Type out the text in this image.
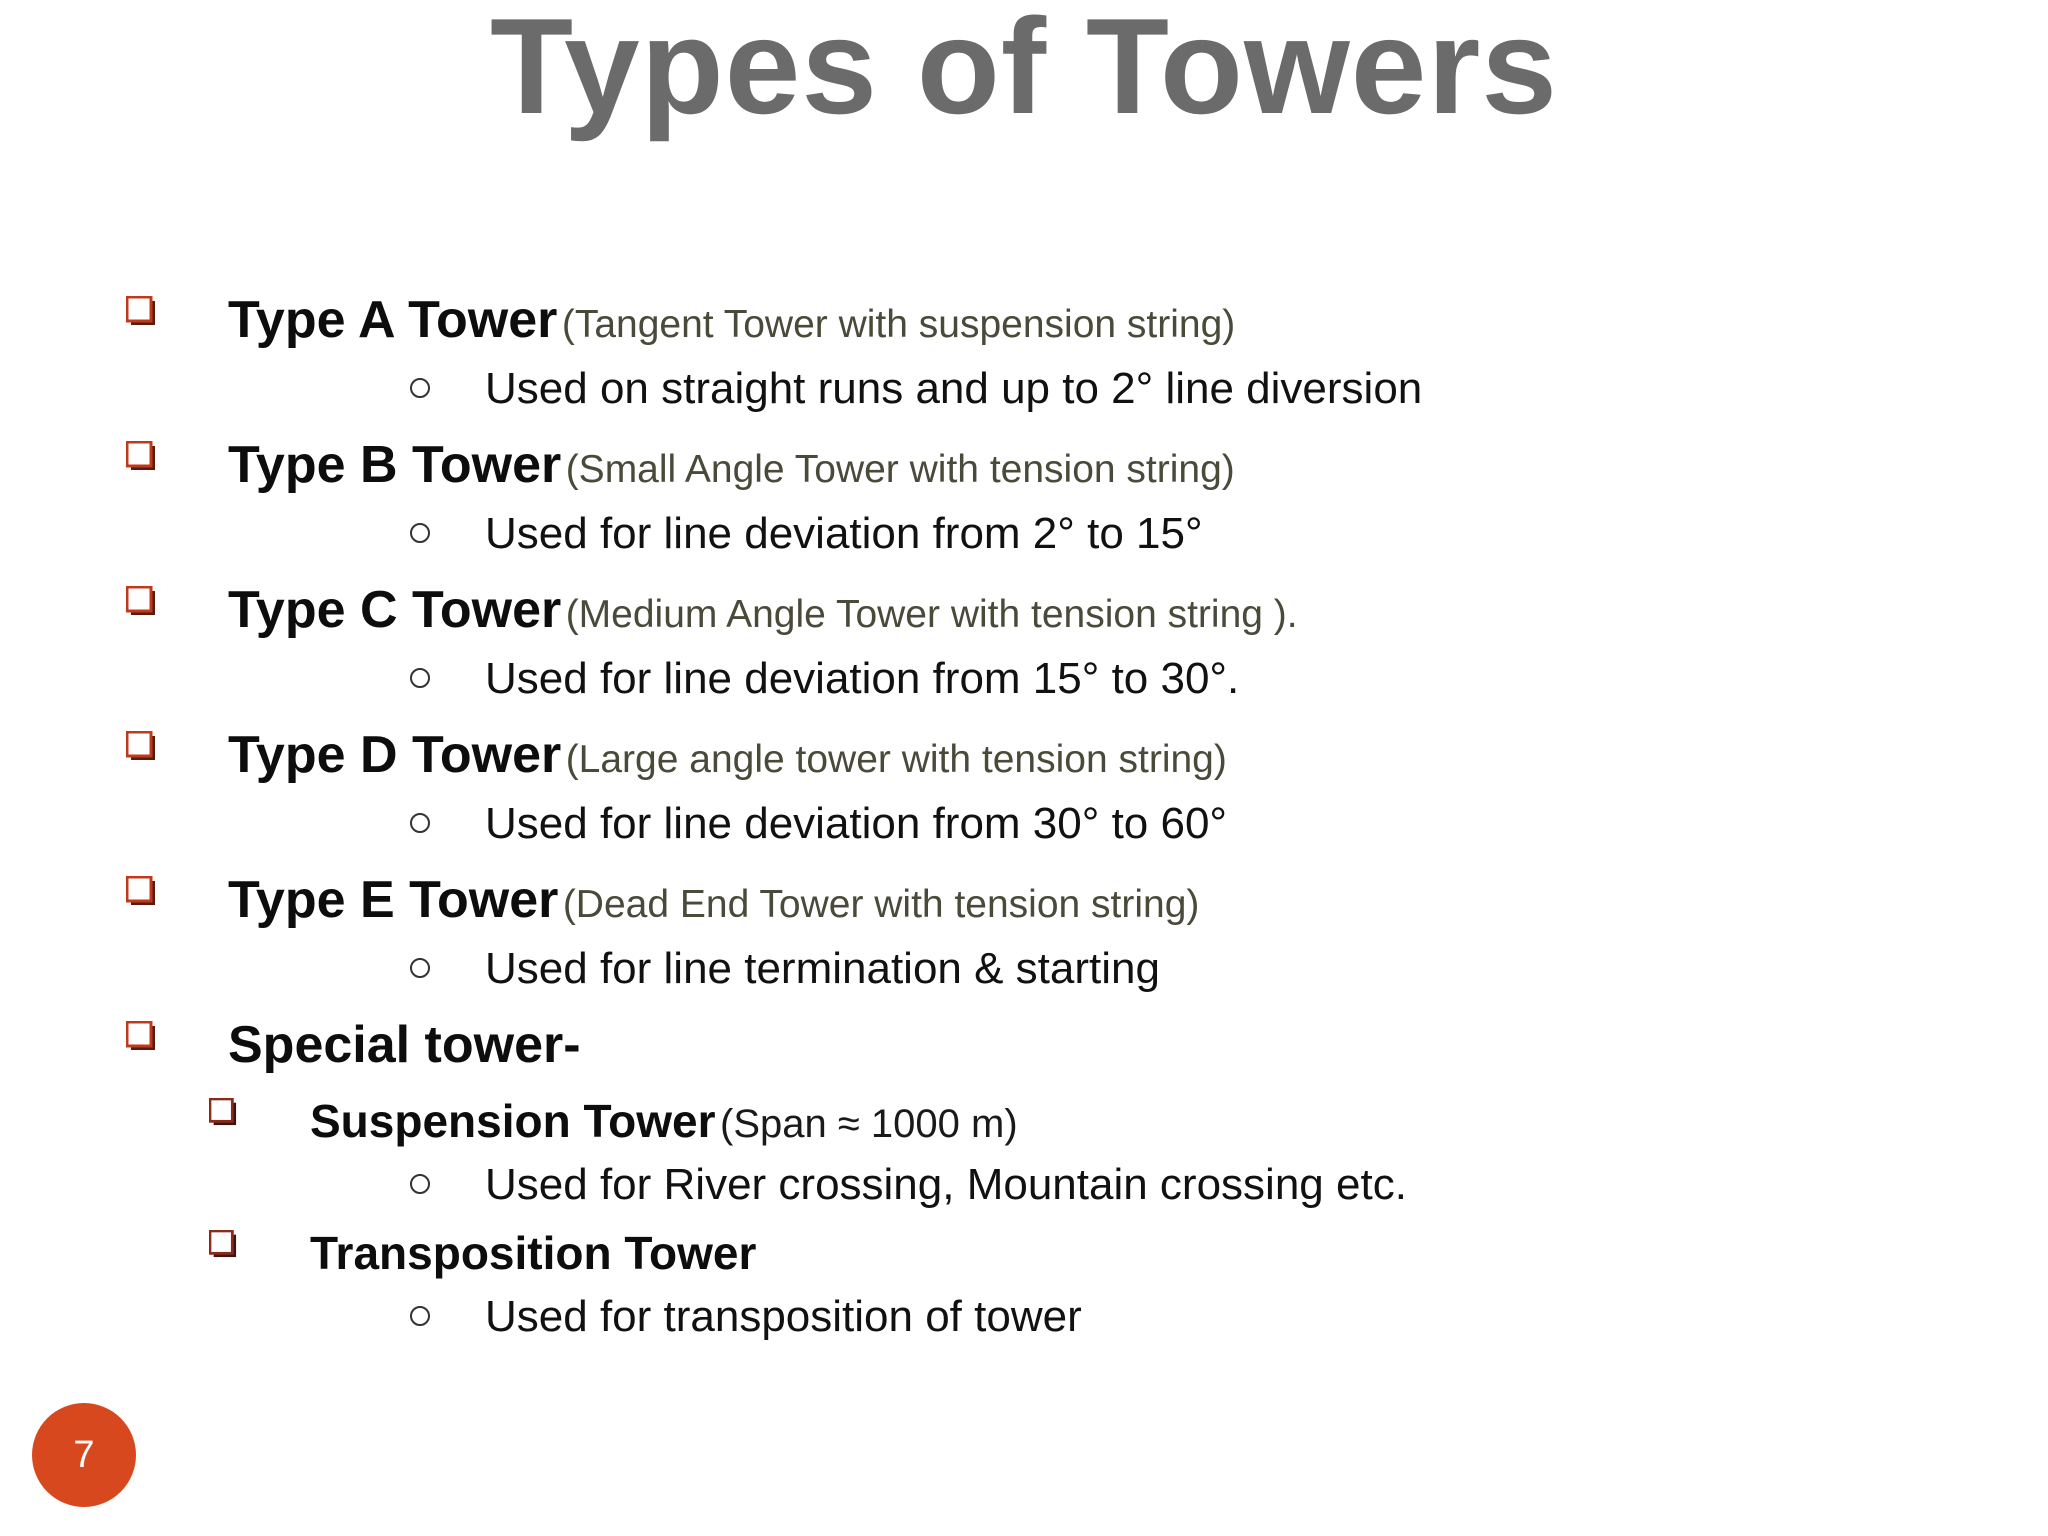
Types of Towers
Type A Tower (Tangent Tower with suspension string)
Used on straight runs and up to 2° line diversion
Type B Tower (Small Angle Tower with tension string)
Used for line deviation from 2° to 15°
Type C Tower (Medium Angle Tower with tension string ).
Used for line deviation from 15° to 30°.
Type D Tower (Large angle tower with tension string)
Used for line deviation from 30° to 60°
Type E Tower (Dead End Tower with tension string)
Used for line termination & starting
Special tower-
Suspension Tower (Span ≈ 1000 m)
Used for River crossing, Mountain crossing etc.
Transposition Tower
Used for transposition of tower
7
